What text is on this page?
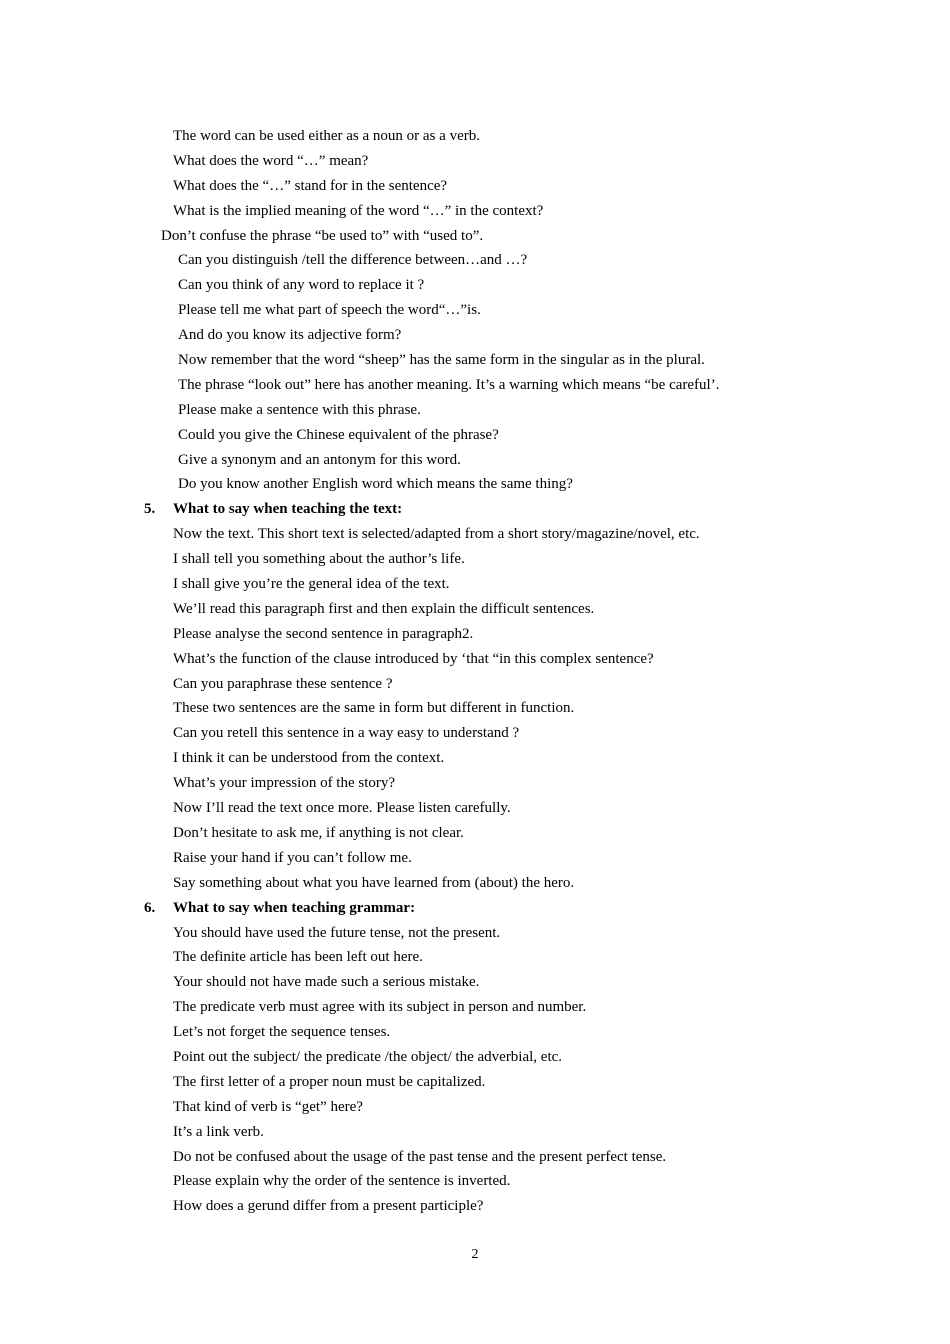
The word can be used either as a noun or as a verb.
What does the word “…” mean?
What does the “…” stand for in the sentence?
What is the implied meaning of the word “…” in the context?
Don’t confuse the phrase “be used to” with “used to”.
Can you distinguish /tell the difference between…and …?
Can you think of any word to replace it ?
Please tell me what part of speech the word“…”is.
And do you know its adjective form?
Now remember that the word “sheep” has the same form in the singular as in the plural.
The phrase “look out” here has another meaning. It’s a warning which means “be careful’.
Please make a sentence with this phrase.
Could you give the Chinese equivalent of the phrase?
Give a synonym and an antonym for this word.
Do you know another English word which means the same thing?
5. What to say when teaching the text:
Now the text. This short text is selected/adapted from a short story/magazine/novel, etc.
I shall tell you something about the author’s life.
I shall give you’re the general idea of the text.
We’ll read this paragraph first and then explain the difficult sentences.
Please analyse the second sentence in paragraph2.
What’s the function of the clause introduced by ‘that “in this complex sentence?
Can you paraphrase these sentence ?
These two sentences are the same in form but different in function.
Can you retell this sentence in a way easy to understand ?
I think it can be understood from the context.
What’s your impression of the story?
Now I’ll read the text once more. Please listen carefully.
Don’t hesitate to ask me, if anything is not clear.
Raise your hand if you can’t follow me.
Say something about what you have learned from (about) the hero.
6. What to say when teaching grammar:
You should have used the future tense, not the present.
The definite article has been left out here.
Your should not have made such a serious mistake.
The predicate verb must agree with its subject in person and number.
Let’s not forget the sequence tenses.
Point out the subject/ the predicate /the object/ the adverbial, etc.
The first letter of a proper noun must be capitalized.
That kind of verb is “get” here?
It’s a link verb.
Do not be confused about the usage of the past tense and the present perfect tense.
Please explain why the order of the sentence is inverted.
How does a gerund differ from a present participle?
2
